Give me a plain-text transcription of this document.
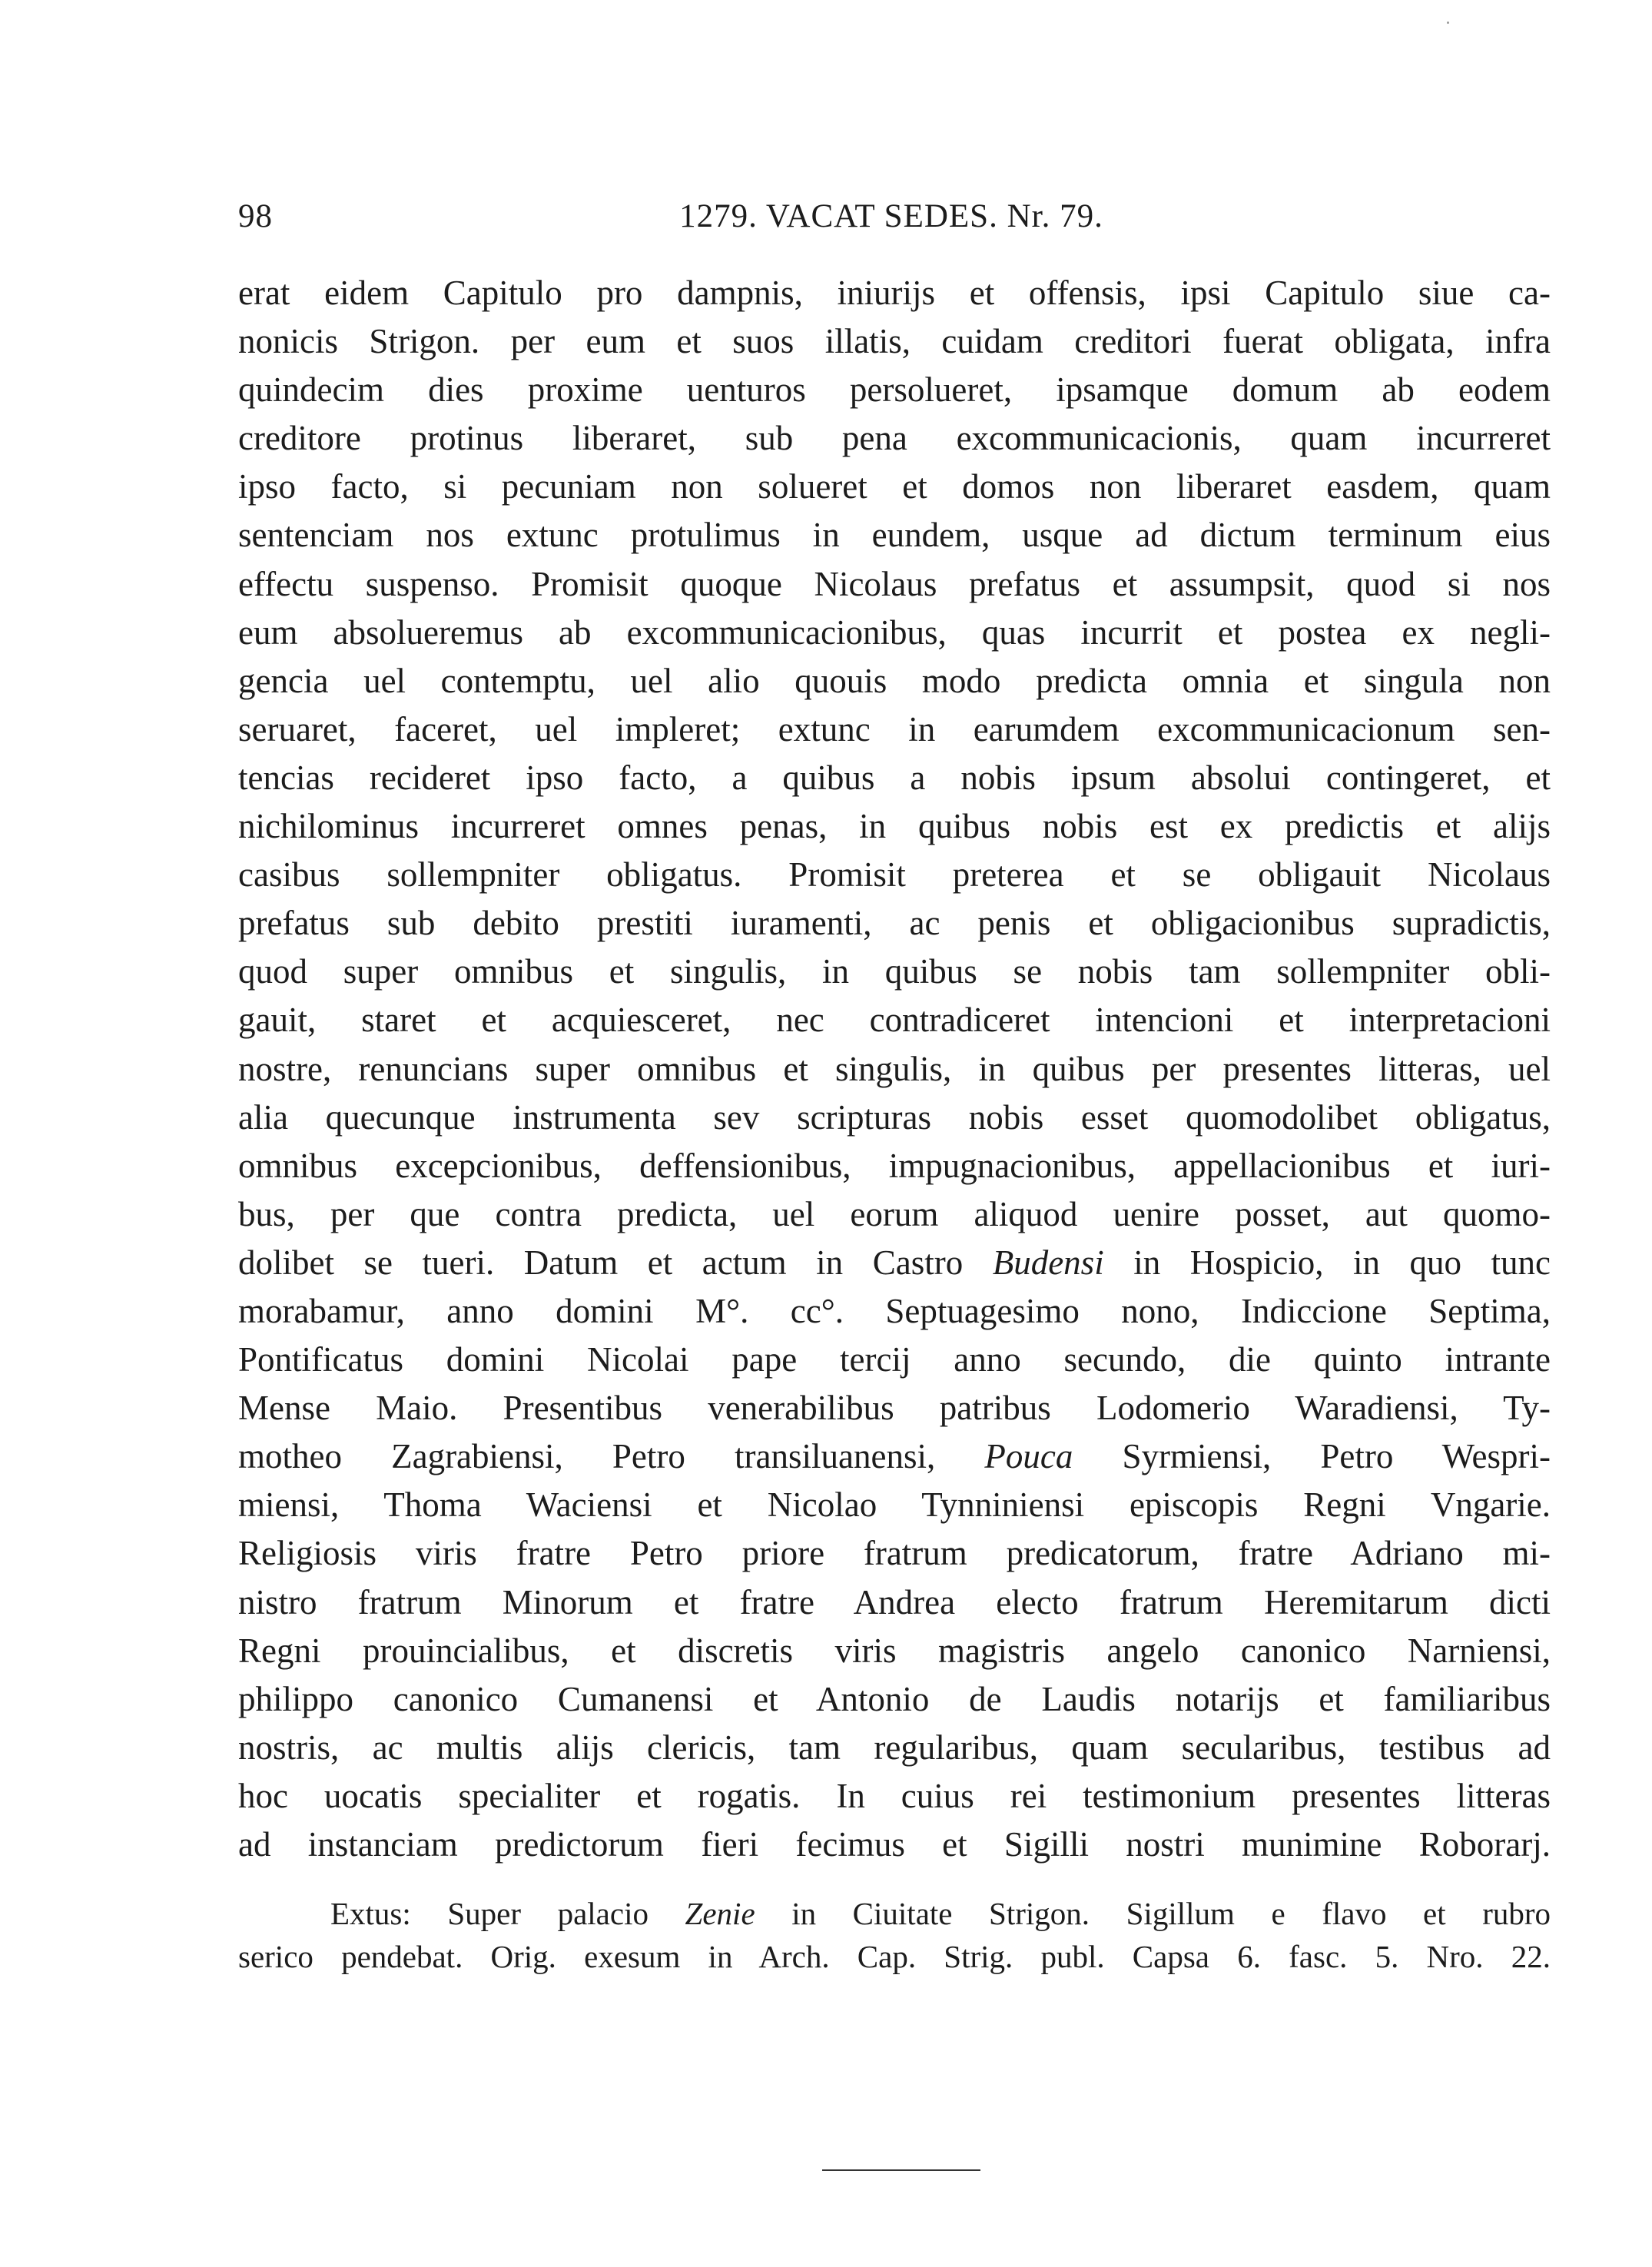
98	1279. VACAT SEDES. Nr. 79.
erat eidem Capitulo pro dampnis, iniurijs et offensis, ipsi Capitulo siue ca-
nonicis Strigon. per eum et suos illatis, cuidam creditori fuerat obligata, infra
quindecim dies proxime uenturos persolueret, ipsamque domum ab eodem
creditore protinus liberaret, sub pena excommunicacionis, quam incurreret
ipso facto, si pecuniam non solueret et domos non liberaret easdem, quam
sentenciam nos extunc protulimus in eundem, usque ad dictum terminum eius
effectu suspenso. Promisit quoque Nicolaus prefatus et assumpsit, quod si nos
eum absolueremus ab excommunicacionibus, quas incurrit et postea ex negli-
gencia uel contemptu, uel alio quouis modo predicta omnia et singula non
seruaret, faceret, uel impleret; extunc in earumdem excommunicacionum sen-
tencias recideret ipso facto, a quibus a nobis ipsum absolui contingeret, et
nichilominus incurreret omnes penas, in quibus nobis est ex predictis et alijs
casibus sollempniter obligatus. Promisit preterea et se obligauit Nicolaus
prefatus sub debito prestiti iuramenti, ac penis et obligacionibus supradictis,
quod super omnibus et singulis, in quibus se nobis tam sollempniter obli-
gauit, staret et acquiesceret, nec contradiceret intencioni et interpretacioni
nostre, renuncians super omnibus et singulis, in quibus per presentes litteras, uel
alia quecunque instrumenta sev scripturas nobis esset quomodolibet obligatus,
omnibus excepcionibus, deffensionibus, impugnacionibus, appellacionibus et iuri-
bus, per que contra predicta, uel eorum aliquod uenire posset, aut quomo-
dolibet se tueri. Datum et actum in Castro Budensi in Hospicio, in quo tunc
morabamur, anno domini M°. cc°. Septuagesimo nono, Indiccione Septima,
Pontificatus domini Nicolai pape tercij anno secundo, die quinto intrante
Mense Maio. Presentibus venerabilibus patribus Lodomerio Waradiensi, Ty-
motheo Zagrabiensi, Petro transiluanensi, Pouca Syrmiensi, Petro Wespri-
miensi, Thoma Waciensi et Nicolao Tynniniensi episcopis Regni Vngarie.
Religiosis viris fratre Petro priore fratrum predicatorum, fratre Adriano mi-
nistro fratrum Minorum et fratre Andrea electo fratrum Heremitarum dicti
Regni prouincialibus, et discretis viris magistris angelo canonico Narniensi,
philippo canonico Cumanensi et Antonio de Laudis notarijs et familiaribus
nostris, ac multis alijs clericis, tam regularibus, quam secularibus, testibus ad
hoc uocatis specialiter et rogatis. In cuius rei testimonium presentes litteras
ad instanciam predictorum fieri fecimus et Sigilli nostri munimine Roborarj.
Extus: Super palacio Zenie in Ciuitate Strigon. Sigillum e flavo et rubro
serico pendebat. Orig. exesum in Arch. Cap. Strig. publ. Capsa 6. fasc. 5. Nro. 22.
